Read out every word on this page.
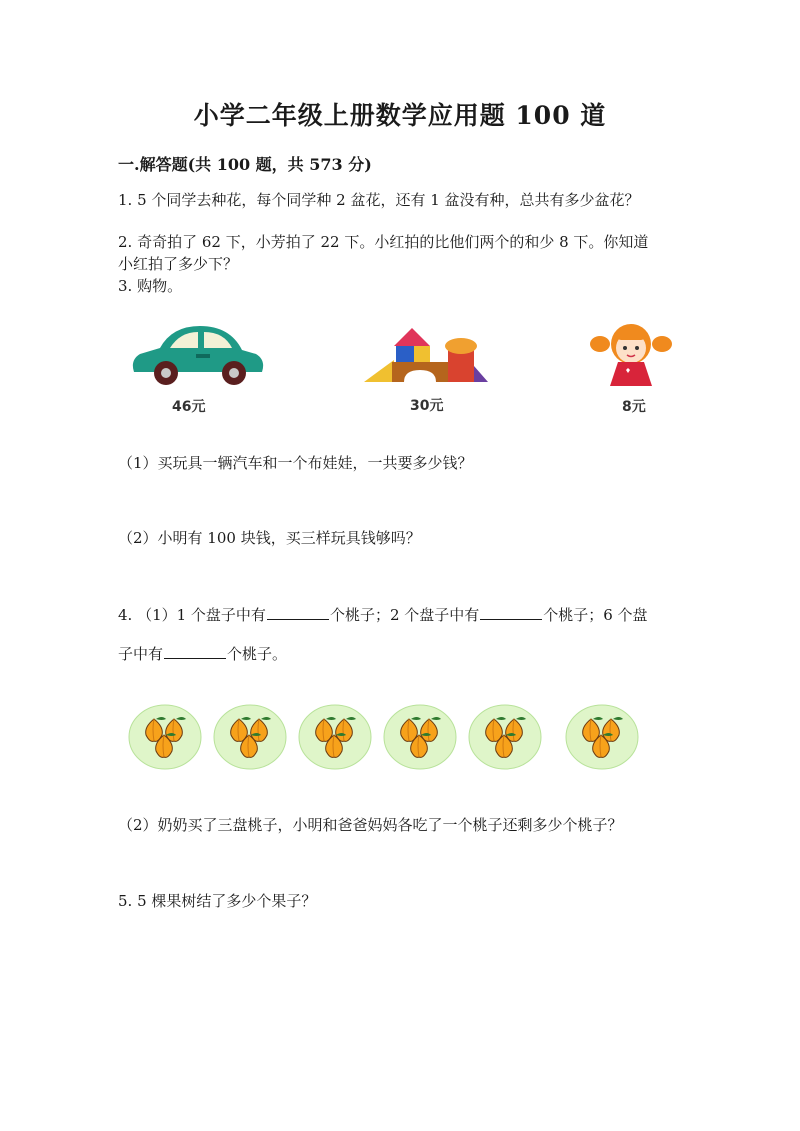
小学二年级上册数学应用题 100 道
一.解答题(共 100 题，共 573 分)
1. 5 个同学去种花，每个同学种 2 盆花，还有 1 盆没有种，总共有多少盆花？
2. 奇奇拍了 62 下，小芳拍了 22 下。小红拍的比他们两个的和少 8 下。你知道
小红拍了多少下？
3. 购物。
46元	30元	8元
（1）买玩具一辆汽车和一个布娃娃，一共要多少钱？
（2）小明有 100 块钱，买三样玩具钱够吗？
4. （1）1 个盘子中有	个桃子；2 个盘子中有	个桃子；6 个盘
子中有	个桃子。
（2）奶奶买了三盘桃子，小明和爸爸妈妈各吃了一个桃子还剩多少个桃子？
5. 5 棵果树结了多少个果子？
